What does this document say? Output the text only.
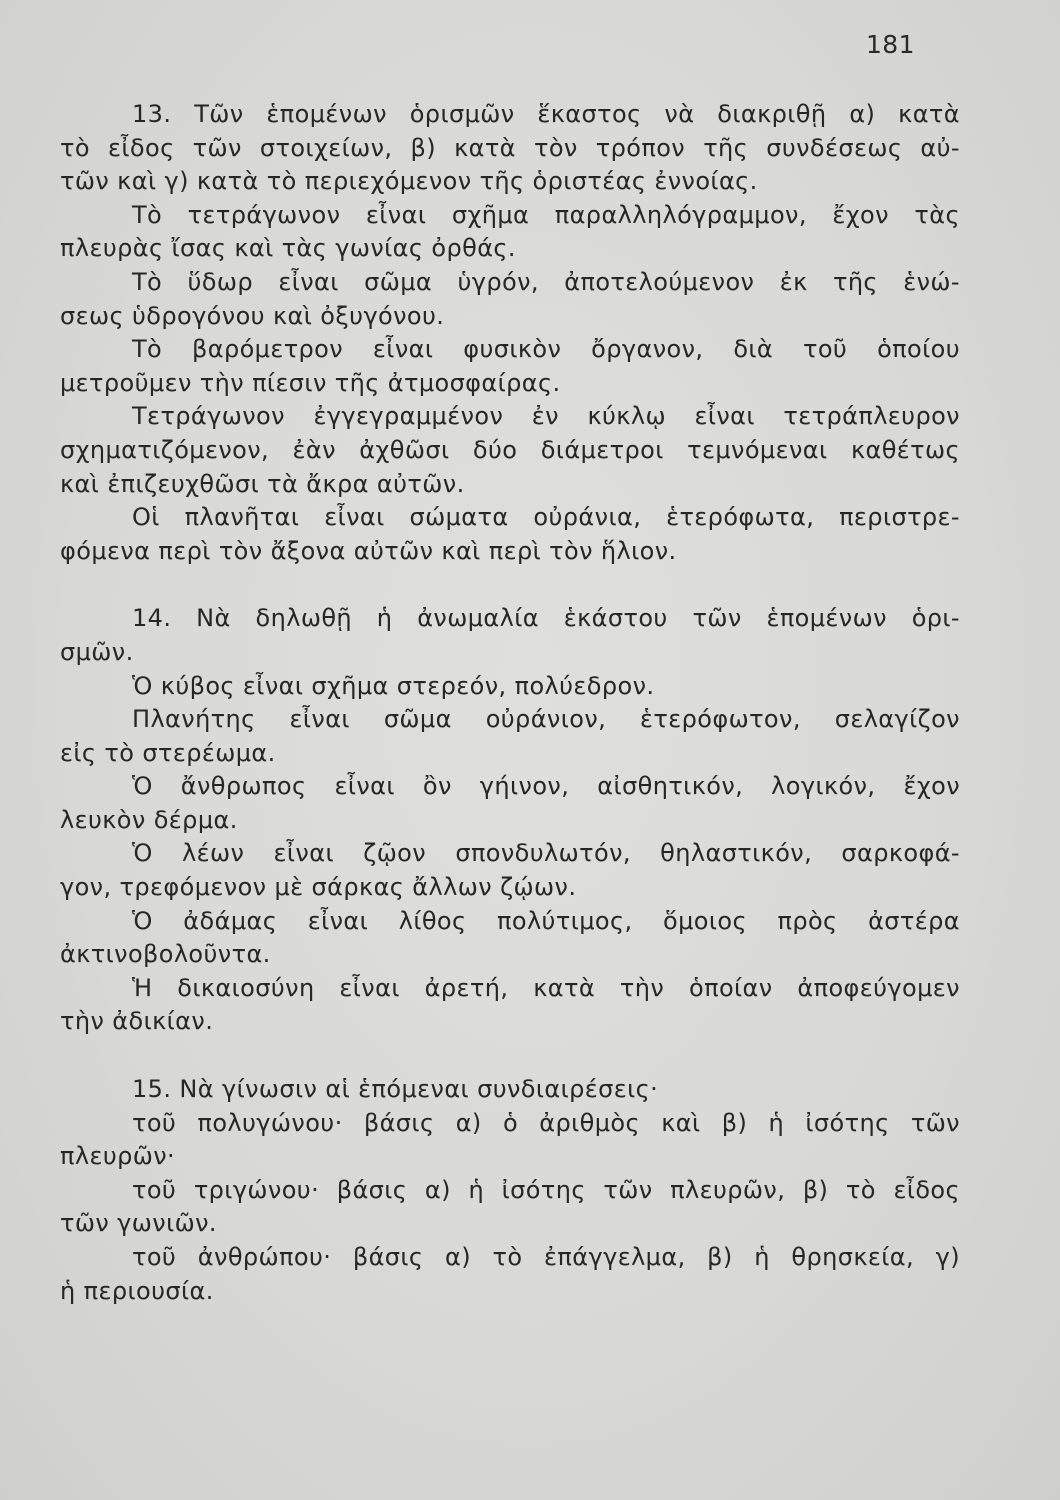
181
13. Τῶν ἑπομένων ὁρισμῶν ἕκαστος νὰ διακριθῇ α) κατὰ
τὸ εἶδος τῶν στοιχείων, β) κατὰ τὸν τρόπον τῆς συνδέσεως αὐ-
τῶν καὶ γ) κατὰ τὸ περιεχόμενον τῆς ὁριστέας ἐννοίας.
Τὸ τετράγωνον εἶναι σχῆμα παραλληλόγραμμον, ἔχον τὰς
πλευρὰς ἴσας καὶ τὰς γωνίας ὀρθάς.
Τὸ ὕδωρ εἶναι σῶμα ὑγρόν, ἀποτελούμενον ἐκ τῆς ἑνώ-
σεως ὑδρογόνου καὶ ὀξυγόνου.
Τὸ βαρόμετρον εἶναι φυσικὸν ὄργανον, διὰ τοῦ ὁποίου
μετροῦμεν τὴν πίεσιν τῆς ἀτμοσφαίρας.
Τετράγωνον ἐγγεγραμμένον ἐν κύκλῳ εἶναι τετράπλευρον
σχηματιζόμενον, ἐὰν ἀχθῶσι δύο διάμετροι τεμνόμεναι καθέτως
καὶ ἐπιζευχθῶσι τὰ ἄκρα αὐτῶν.
Οἱ πλανῆται εἶναι σώματα οὐράνια, ἑτερόφωτα, περιστρε-
φόμενα περὶ τὸν ἄξονα αὐτῶν καὶ περὶ τὸν ἥλιον.
14. Νὰ δηλωθῇ ἡ ἀνωμαλία ἑκάστου τῶν ἑπομένων ὁρι-
σμῶν.
Ὁ κύβος εἶναι σχῆμα στερεόν, πολύεδρον.
Πλανήτης εἶναι σῶμα οὐράνιον, ἑτερόφωτον, σελαγίζον
εἰς τὸ στερέωμα.
Ὁ ἄνθρωπος εἶναι ὂν γήινον, αἰσθητικόν, λογικόν, ἔχον
λευκὸν δέρμα.
Ὁ λέων εἶναι ζῷον σπονδυλωτόν, θηλαστικόν, σαρκοφά-
γον, τρεφόμενον μὲ σάρκας ἄλλων ζῴων.
Ὁ ἀδάμας εἶναι λίθος πολύτιμος, ὅμοιος πρὸς ἀστέρα
ἀκτινοβολοῦντα.
Ἡ δικαιοσύνη εἶναι ἀρετή, κατὰ τὴν ὁποίαν ἀποφεύγομεν
τὴν ἀδικίαν.
15. Νὰ γίνωσιν αἱ ἑπόμεναι συνδιαιρέσεις·
τοῦ πολυγώνου· βάσις α) ὁ ἀριθμὸς καὶ β) ἡ ἰσότης τῶν
πλευρῶν·
τοῦ τριγώνου· βάσις α) ἡ ἰσότης τῶν πλευρῶν, β) τὸ εἶδος
τῶν γωνιῶν.
τοῦ ἀνθρώπου· βάσις α) τὸ ἐπάγγελμα, β) ἡ θρησκεία, γ)
ἡ περιουσία.
